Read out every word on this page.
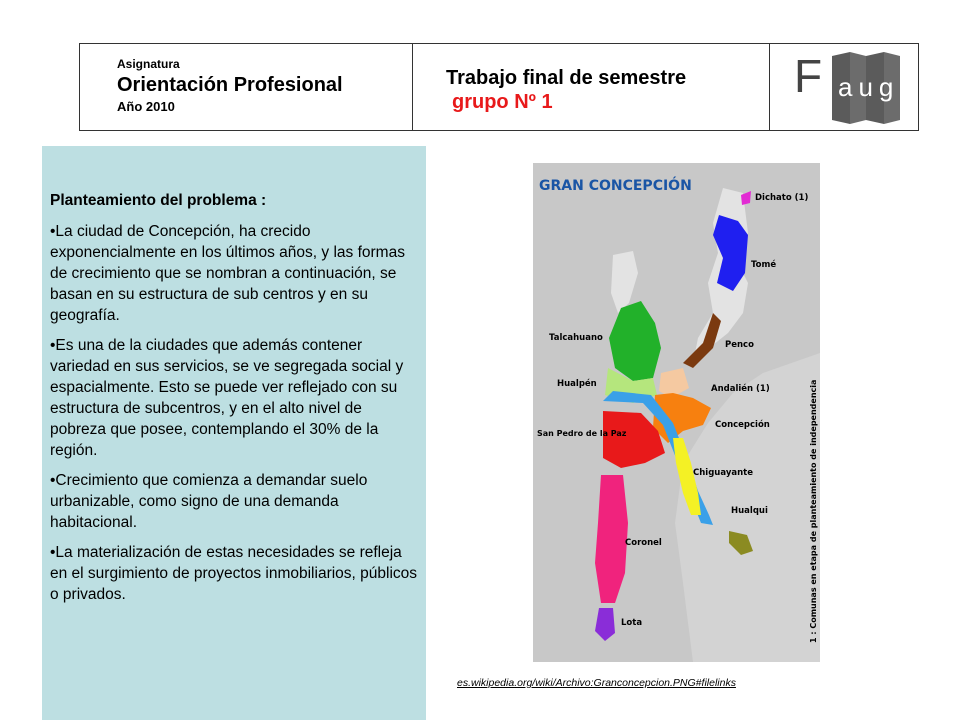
Asignatura
Orientación Profesional
Año 2010
Trabajo final de semestre
grupo Nº 1	F aug
Planteamiento del problema :
•La ciudad de Concepción, ha crecido exponencialmente en los últimos años, y las formas de crecimiento que se nombran a continuación, se basan en su estructura de sub centros y en su geografía.
•Es una de la ciudades que además contener variedad en sus servicios, se ve segregada social y espacialmente. Esto se puede ver reflejado con su estructura de subcentros, y en el alto nivel de pobreza que posee, contemplando el 30% de la región.
•Crecimiento que comienza a demandar suelo urbanizable, como signo de una demanda habitacional.
•La materialización de estas necesidades se refleja en el surgimiento de proyectos inmobiliarios, públicos o privados.
GRAN CONCEPCIÓN
Dichato (1)
Tomé
Talcahuano
Penco
Hualpén	Andalién (1)
San Pedro de la Paz
Concepción
Chiguayante
Hualqui
Coronel
Lota	1 : Comunas en etapa de planteamiento de independencia
es.wikipedia.org/wiki/Archivo:Granconcepcion.PNG#filelinks
